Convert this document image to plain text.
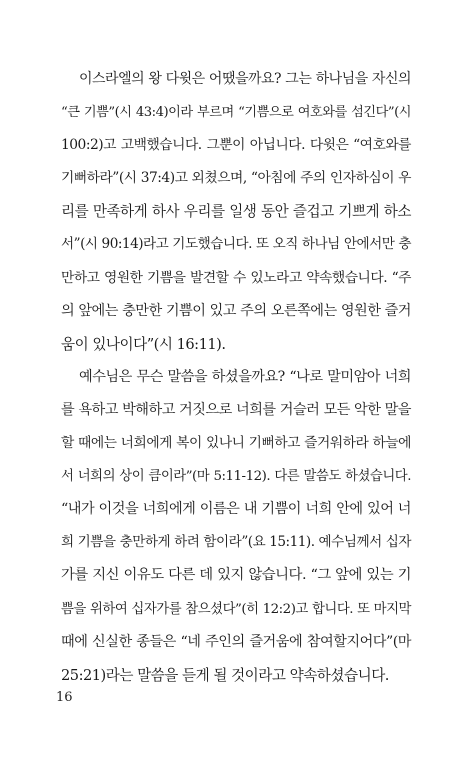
이스라엘의 왕 다윗은 어땠을까요? 그는 하나님을 자신의
“큰 기쁨”(시 43:4)이라 부르며 “기쁨으로 여호와를 섬긴다”(시
100:2)고 고백했습니다. 그뿐이 아닙니다. 다윗은 “여호와를
기뻐하라”(시 37:4)고 외쳤으며, “아침에 주의 인자하심이 우
리를 만족하게 하사 우리를 일생 동안 즐겁고 기쁘게 하소
서”(시 90:14)라고 기도했습니다. 또 오직 하나님 안에서만 충
만하고 영원한 기쁨을 발견할 수 있노라고 약속했습니다. “주
의 앞에는 충만한 기쁨이 있고 주의 오른쪽에는 영원한 즐거
움이 있나이다”(시 16:11).
예수님은 무슨 말씀을 하셨을까요? “나로 말미암아 너희
를 욕하고 박해하고 거짓으로 너희를 거슬러 모든 악한 말을
할 때에는 너희에게 복이 있나니 기뻐하고 즐거워하라 하늘에
서 너희의 상이 큼이라”(마 5:11-12). 다른 말씀도 하셨습니다.
“내가 이것을 너희에게 이름은 내 기쁨이 너희 안에 있어 너
희 기쁨을 충만하게 하려 함이라”(요 15:11). 예수님께서 십자
가를 지신 이유도 다른 데 있지 않습니다. “그 앞에 있는 기
쁨을 위하여 십자가를 참으셨다”(히 12:2)고 합니다. 또 마지막
때에 신실한 종들은 “네 주인의 즐거움에 참여할지어다”(마
25:21)라는 말씀을 듣게 될 것이라고 약속하셨습니다.
16
